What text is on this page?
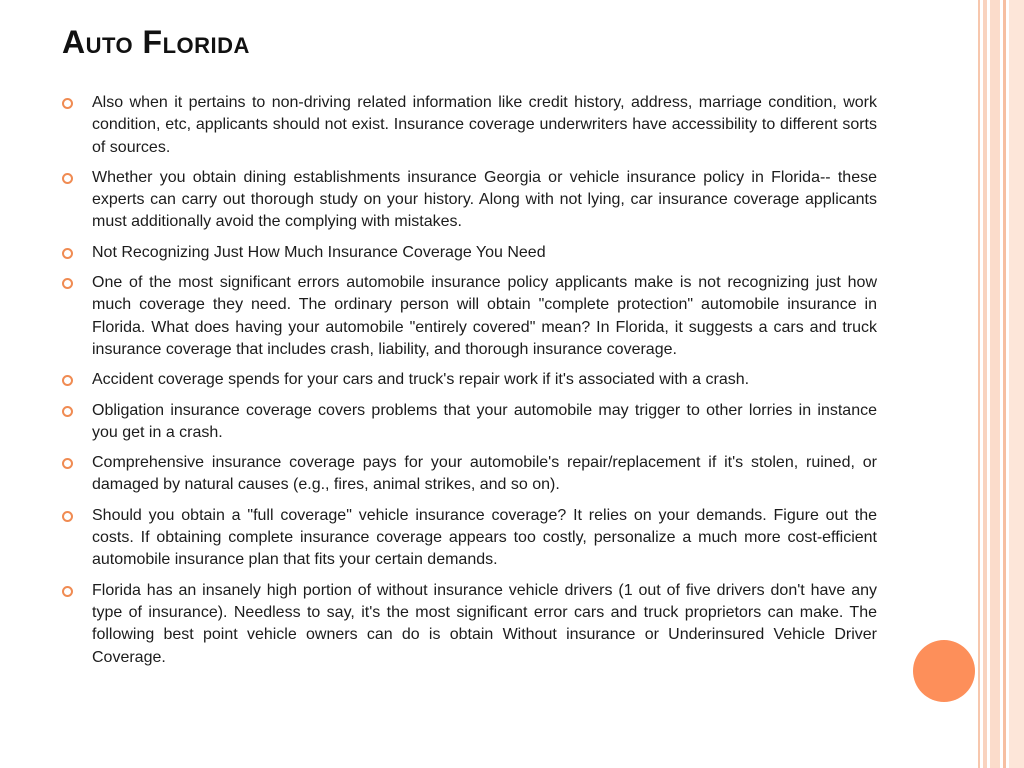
Auto Florida
Also when it pertains to non-driving related information like credit history, address, marriage condition, work condition, etc, applicants should not exist. Insurance coverage underwriters have accessibility to different sorts of sources.
Whether you obtain dining establishments insurance Georgia or vehicle insurance policy in Florida-- these experts can carry out thorough study on your history. Along with not lying, car insurance coverage applicants must additionally avoid the complying with mistakes.
Not Recognizing Just How Much Insurance Coverage You Need
One of the most significant errors automobile insurance policy applicants make is not recognizing just how much coverage they need. The ordinary person will obtain "complete protection" automobile insurance in Florida. What does having your automobile "entirely covered" mean? In Florida, it suggests a cars and truck insurance coverage that includes crash, liability, and thorough insurance coverage.
Accident coverage spends for your cars and truck's repair work if it's associated with a crash.
Obligation insurance coverage covers problems that your automobile may trigger to other lorries in instance you get in a crash.
Comprehensive insurance coverage pays for your automobile's repair/replacement if it's stolen, ruined, or damaged by natural causes (e.g., fires, animal strikes, and so on).
Should you obtain a "full coverage" vehicle insurance coverage? It relies on your demands. Figure out the costs. If obtaining complete insurance coverage appears too costly, personalize a much more cost-efficient automobile insurance plan that fits your certain demands.
Florida has an insanely high portion of without insurance vehicle drivers (1 out of five drivers don't have any type of insurance). Needless to say, it's the most significant error cars and truck proprietors can make. The following best point vehicle owners can do is obtain Without insurance or Underinsured Vehicle Driver Coverage.
